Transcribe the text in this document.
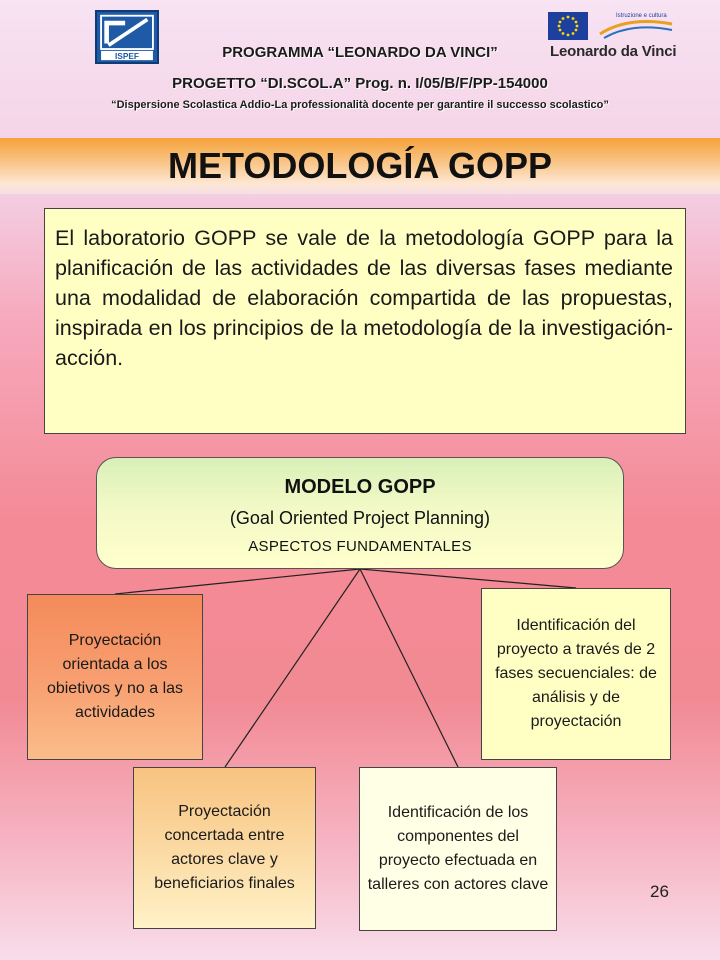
ISPEF
Istruzione e cultura
Leonardo da Vinci
PROGRAMMA “LEONARDO DA VINCI”
PROGETTO “DI.SCOL.A” Prog. n. I/05/B/F/PP-154000
“Dispersione Scolastica Addio-La professionalità docente per garantire il successo scolastico”
METODOLOGÍA GOPP

El laboratorio GOPP se vale de la metodología GOPP para la planificación de las actividades de las diversas fases mediante una modalidad de elaboración compartida de las propuestas, inspirada en los principios de la metodología de la investigación-acción.

MODELO GOPP
(Goal Oriented Project Planning)
ASPECTOS FUNDAMENTALES
Proyectación orientada a los obietivos y no a las actividades
Identificación del proyecto a través de 2 fases secuenciales: de análisis y de proyectación
Proyectación concertada entre actores clave y beneficiarios finales
Identificación de los componentes del proyecto efectuada en talleres con actores clave	26
